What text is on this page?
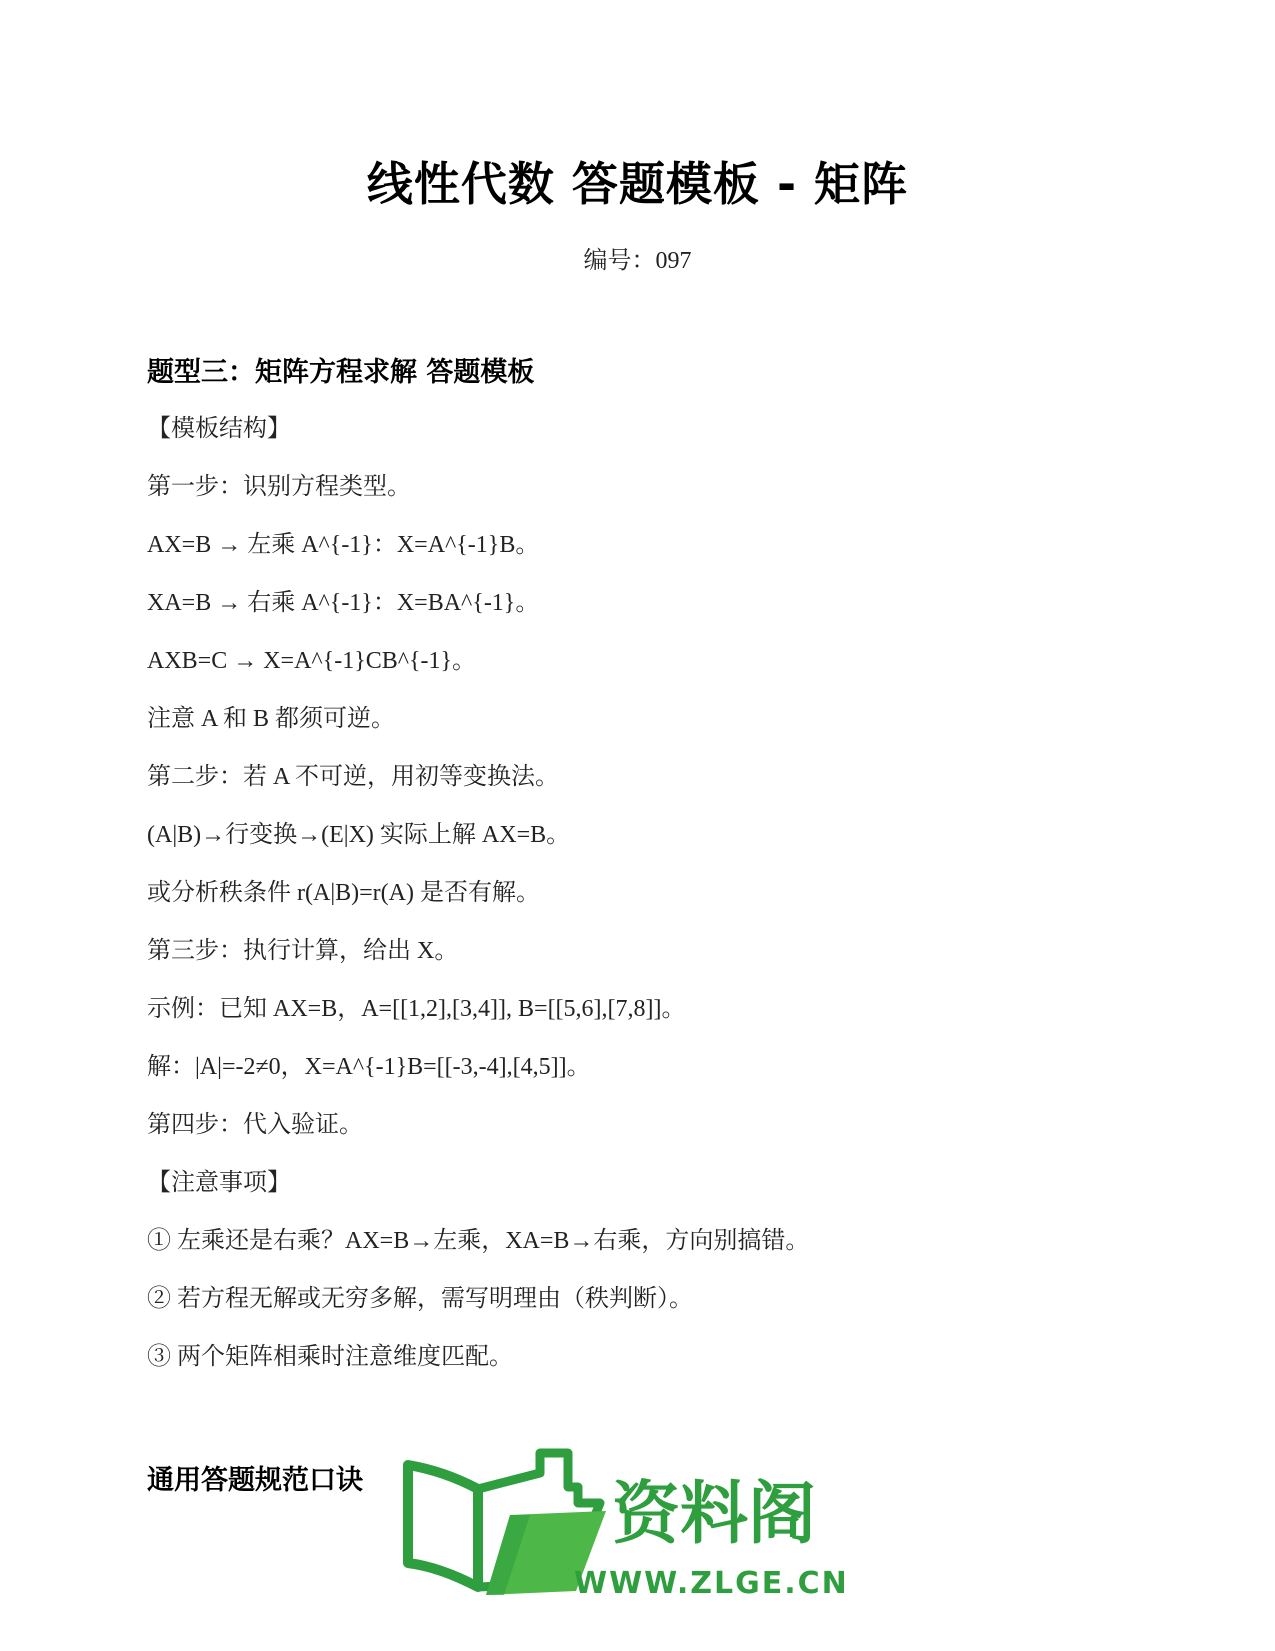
线性代数 答题模板 - 矩阵
编号：097
题型三：矩阵方程求解 答题模板
【模板结构】
第一步：识别方程类型。
AX=B → 左乘 A^{-1}：X=A^{-1}B。
XA=B → 右乘 A^{-1}：X=BA^{-1}。
AXB=C → X=A^{-1}CB^{-1}。
注意 A 和 B 都须可逆。
第二步：若 A 不可逆，用初等变换法。
(A|B)→行变换→(E|X) 实际上解 AX=B。
或分析秩条件 r(A|B)=r(A) 是否有解。
第三步：执行计算，给出 X。
示例：已知 AX=B，A=[[1,2],[3,4]], B=[[5,6],[7,8]]。
解：|A|=-2≠0，X=A^{-1}B=[[-3,-4],[4,5]]。
第四步：代入验证。
【注意事项】
① 左乘还是右乘？AX=B→左乘，XA=B→右乘，方向别搞错。
② 若方程无解或无穷多解，需写明理由（秩判断）。
③ 两个矩阵相乘时注意维度匹配。
通用答题规范口诀	资料阁
WWW.ZLGE.CN
